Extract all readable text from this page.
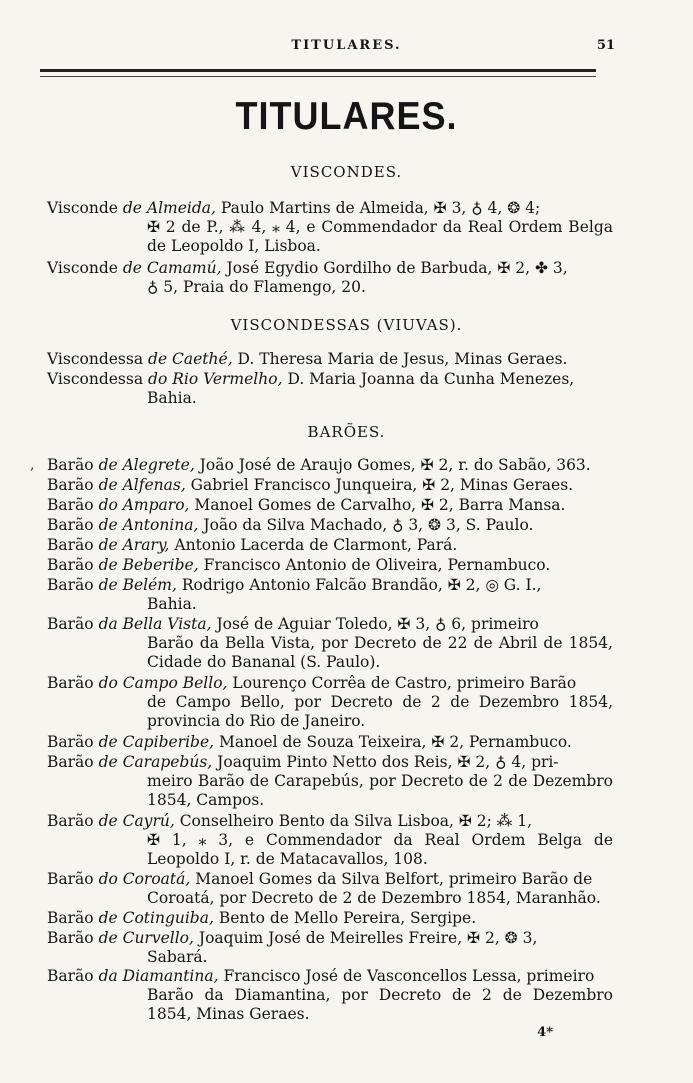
TITULARES.	51
TITULARES.
VISCONDES.
Visconde de Almeida, Paulo Martins de Almeida, ✠ 3, ♁ 4, ❂ 4;
✠ 2 de P., ⁂ 4, ⁎ 4, e Commendador da Real Ordem Belga de Leopoldo I, Lisboa.
Visconde de Camamú, José Egydio Gordilho de Barbuda, ✠ 2, ✤ 3,
♁ 5, Praia do Flamengo, 20.
VISCONDESSAS (VIUVAS).
Viscondessa de Caethé, D. Theresa Maria de Jesus, Minas Geraes.
Viscondessa do Rio Vermelho, D. Maria Joanna da Cunha Menezes,
Bahia.
BARÕES.
, Barão de Alegrete, João José de Araujo Gomes, ✠ 2, r. do Sabão, 363.
Barão de Alfenas, Gabriel Francisco Junqueira, ✠ 2, Minas Geraes.
Barão do Amparo, Manoel Gomes de Carvalho, ✠ 2, Barra Mansa.
Barão de Antonina, João da Silva Machado, ♁ 3, ❂ 3, S. Paulo.
Barão de Arary, Antonio Lacerda de Clarmont, Pará.
Barão de Beberibe, Francisco Antonio de Oliveira, Pernambuco.
Barão de Belém, Rodrigo Antonio Falcão Brandão, ✠ 2, ◎ G. I.,
Bahia.
Barão da Bella Vista, José de Aguiar Toledo, ✠ 3, ♁ 6, primeiro
Barão da Bella Vista, por Decreto de 22 de Abril de 1854, Cidade do Bananal (S. Paulo).
Barão do Campo Bello, Lourenço Corrêa de Castro, primeiro Barão
de Campo Bello, por Decreto de 2 de Dezembro 1854, provincia do Rio de Janeiro.
Barão de Capiberibe, Manoel de Souza Teixeira, ✠ 2, Pernambuco.
Barão de Carapebús, Joaquim Pinto Netto dos Reis, ✠ 2, ♁ 4, pri-
meiro Barão de Carapebús, por Decreto de 2 de Dezembro 1854, Campos.
Barão de Cayrú, Conselheiro Bento da Silva Lisboa, ✠ 2; ⁂ 1,
✠ 1, ⁎ 3, e Commendador da Real Ordem Belga de Leopoldo I, r. de Matacavallos, 108.
Barão do Coroatá, Manoel Gomes da Silva Belfort, primeiro Barão de
Coroatá, por Decreto de 2 de Dezembro 1854, Maranhão.
Barão de Cotinguiba, Bento de Mello Pereira, Sergipe.
Barão de Curvello, Joaquim José de Meirelles Freire, ✠ 2, ❂ 3,
Sabará.
Barão da Diamantina, Francisco José de Vasconcellos Lessa, primeiro
Barão da Diamantina, por Decreto de 2 de Dezembro 1854, Minas Geraes.
4*
